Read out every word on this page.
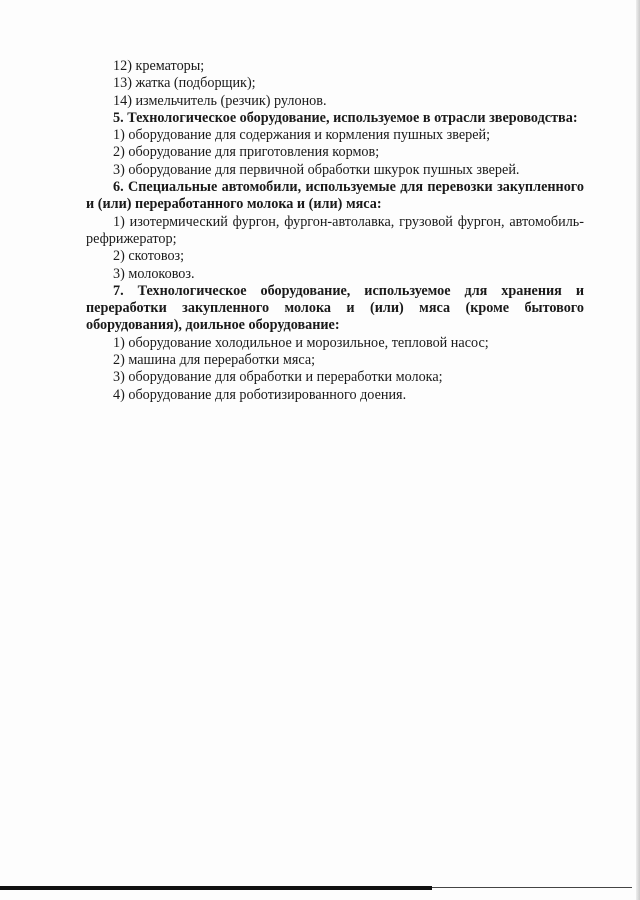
12) крематоры;
13) жатка (подборщик);
14) измельчитель (резчик) рулонов.
5. Технологическое оборудование, используемое в отрасли звероводства:
1) оборудование для содержания и кормления пушных зверей;
2) оборудование для приготовления кормов;
3) оборудование для первичной обработки шкурок пушных зверей.
6. Специальные автомобили, используемые для перевозки закупленного и (или) переработанного молока и (или) мяса:
1) изотермический фургон, фургон-автолавка, грузовой фургон, автомобиль-рефрижератор;
2) скотовоз;
3) молоковоз.
7. Технологическое оборудование, используемое для хранения и переработки закупленного молока и (или) мяса (кроме бытового оборудования), доильное оборудование:
1) оборудование холодильное и морозильное, тепловой насос;
2) машина для переработки мяса;
3) оборудование для обработки и переработки молока;
4) оборудование для роботизированного доения.
